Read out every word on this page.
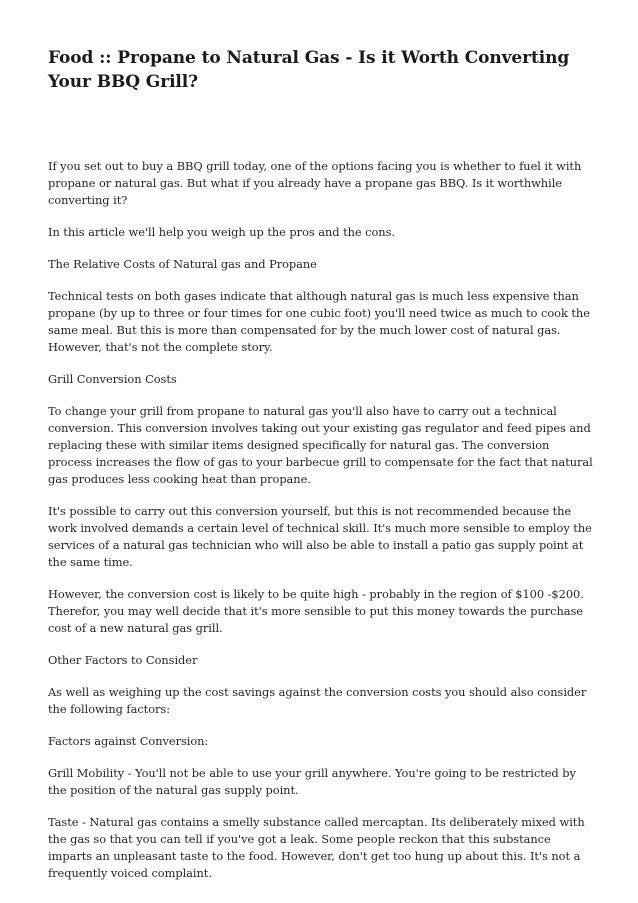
Food :: Propane to Natural Gas - Is it Worth Converting Your BBQ Grill?

If you set out to buy a BBQ grill today, one of the options facing you is whether to fuel it with propane or natural gas. But what if you already have a propane gas BBQ. Is it worthwhile converting it?

In this article we'll help you weigh up the pros and the cons.

The Relative Costs of Natural gas and Propane

Technical tests on both gases indicate that although natural gas is much less expensive than propane (by up to three or four times for one cubic foot) you'll need twice as much to cook the same meal. But this is more than compensated for by the much lower cost of natural gas. However, that's not the complete story.

Grill Conversion Costs

To change your grill from propane to natural gas you'll also have to carry out a technical conversion. This conversion involves taking out your existing gas regulator and feed pipes and replacing these with similar items designed specifically for natural gas. The conversion process increases the flow of gas to your barbecue grill to compensate for the fact that natural gas produces less cooking heat than propane.

It's possible to carry out this conversion yourself, but this is not recommended because the work involved demands a certain level of technical skill. It's much more sensible to employ the services of a natural gas technician who will also be able to install a patio gas supply point at the same time.

However, the conversion cost is likely to be quite high - probably in the region of $100 -$200. Therefor, you may well decide that it's more sensible to put this money towards the purchase cost of a new natural gas grill.

Other Factors to Consider

As well as weighing up the cost savings against the conversion costs you should also consider the following factors:

Factors against Conversion:

Grill Mobility - You'll not be able to use your grill anywhere. You're going to be restricted by the position of the natural gas supply point.

Taste - Natural gas contains a smelly substance called mercaptan. Its deliberately mixed with the gas so that you can tell if you've got a leak. Some people reckon that this substance imparts an unpleasant taste to the food. However, don't get too hung up about this. It's not a frequently voiced complaint.
